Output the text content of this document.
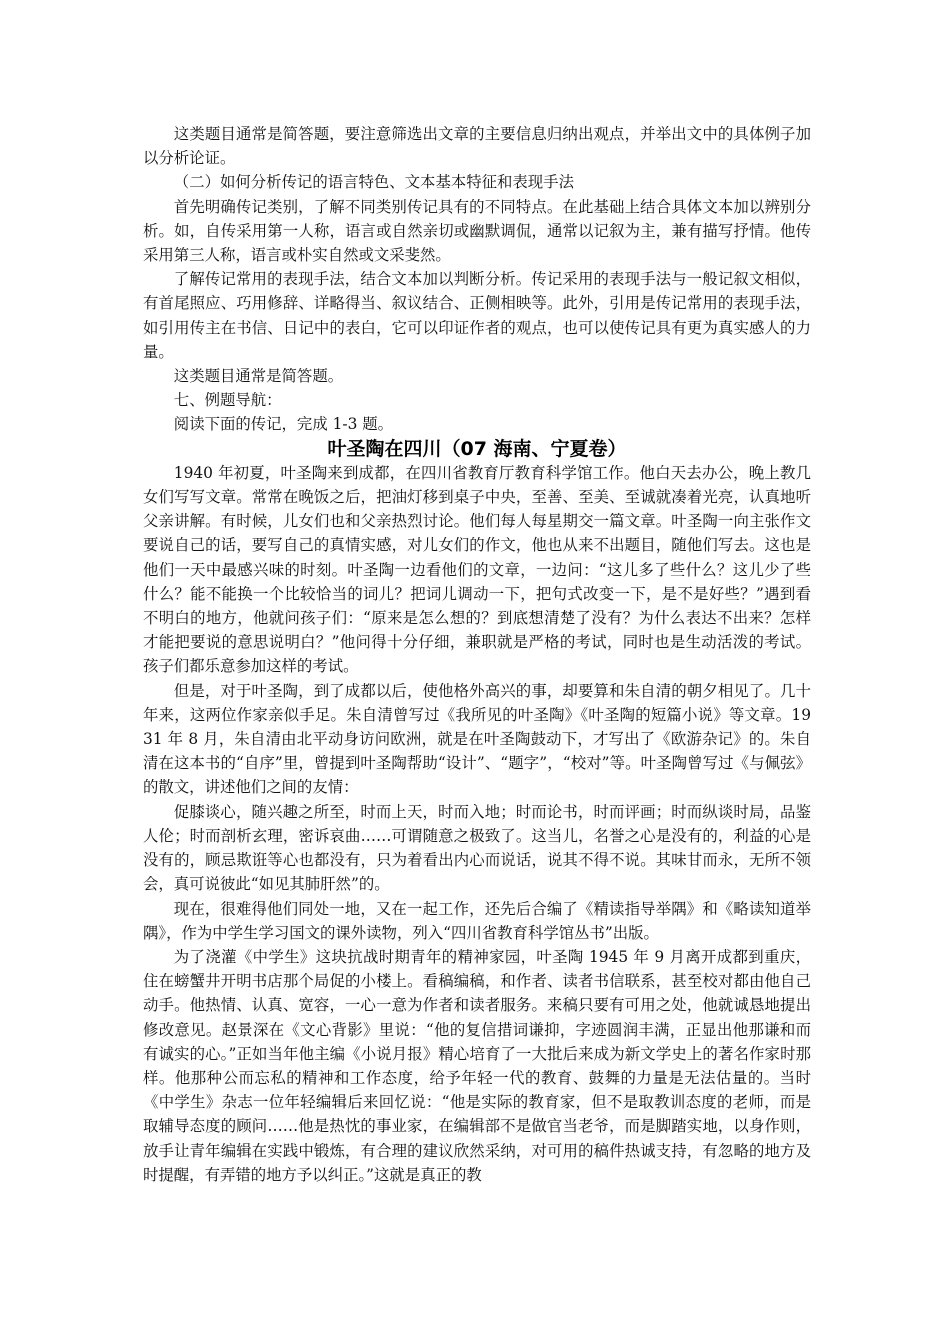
这类题目通常是简答题，要注意筛选出文章的主要信息归纳出观点，并举出文中的具体例子加以分析论证。

（二）如何分析传记的语言特色、文本基本特征和表现手法

首先明确传记类别，了解不同类别传记具有的不同特点。在此基础上结合具体文本加以辨别分析。如，自传采用第一人称，语言或自然亲切或幽默调侃，通常以记叙为主，兼有描写抒情。他传采用第三人称，语言或朴实自然或文采斐然。

了解传记常用的表现手法，结合文本加以判断分析。传记采用的表现手法与一般记叙文相似，有首尾照应、巧用修辞、详略得当、叙议结合、正侧相映等。此外，引用是传记常用的表现手法，如引用传主在书信、日记中的表白，它可以印证作者的观点，也可以使传记具有更为真实感人的力量。

这类题目通常是简答题。

七、例题导航：

阅读下面的传记，完成 1-3 题。

叶圣陶在四川（07 海南、宁夏卷）

1940 年初夏，叶圣陶来到成都，在四川省教育厅教育科学馆工作。他白天去办公，晚上教几女们写写文章。常常在晚饭之后，把油灯移到桌子中央，至善、至美、至诚就凑着光亮，认真地听父亲讲解。有时候，儿女们也和父亲热烈讨论。他们每人每星期交一篇文章。叶圣陶一向主张作文要说自己的话，要写自己的真情实感，对儿女们的作文，他也从来不出题目，随他们写去。这也是他们一天中最感兴味的时刻。叶圣陶一边看他们的文章，一边问：“这儿多了些什么？这儿少了些什么？能不能换一个比较恰当的词儿？把词儿调动一下，把句式改变一下，是不是好些？”遇到看不明白的地方，他就问孩子们：“原来是怎么想的？到底想清楚了没有？为什么表达不出来？怎样才能把要说的意思说明白？”他问得十分仔细，兼职就是严格的考试，同时也是生动活泼的考试。孩子们都乐意参加这样的考试。

但是，对于叶圣陶，到了成都以后，使他格外高兴的事，却要算和朱自清的朝夕相见了。几十年来，这两位作家亲似手足。朱自清曾写过《我所见的叶圣陶》《叶圣陶的短篇小说》等文章。1931 年 8 月，朱自清由北平动身访问欧洲，就是在叶圣陶鼓动下，才写出了《欧游杂记》的。朱自清在这本书的“自序”里，曾提到叶圣陶帮助“设计”、“题字”，“校对”等。叶圣陶曾写过《与佩弦》的散文，讲述他们之间的友情：

促膝谈心，随兴趣之所至，时而上天，时而入地；时而论书，时而评画；时而纵谈时局，品鉴人伦；时而剖析玄理，密诉哀曲……可谓随意之极致了。这当儿，名誉之心是没有的，利益的心是没有的，顾忌欺诳等心也都没有，只为着看出内心而说话，说其不得不说。其味甘而永，无所不领会，真可说彼此“如见其肺肝然”的。

现在，很难得他们同处一地，又在一起工作，还先后合编了《精读指导举隅》和《略读知道举隅》，作为中学生学习国文的课外读物，列入“四川省教育科学馆丛书”出版。

为了浇灌《中学生》这块抗战时期青年的精神家园，叶圣陶 1945 年 9 月离开成都到重庆，住在螃蟹井开明书店那个局促的小楼上。看稿编稿，和作者、读者书信联系，甚至校对都由他自己动手。他热情、认真、宽容，一心一意为作者和读者服务。来稿只要有可用之处，他就诚恳地提出修改意见。赵景深在《文心背影》里说：“他的复信措词谦抑，字迹圆润丰满，正显出他那谦和而有诚实的心。”正如当年他主编《小说月报》精心培育了一大批后来成为新文学史上的著名作家时那样。他那种公而忘私的精神和工作态度，给予年轻一代的教育、鼓舞的力量是无法估量的。当时《中学生》杂志一位年轻编辑后来回忆说：“他是实际的教育家，但不是取教训态度的老师，而是取辅导态度的顾问……他是热忱的事业家，在编辑部不是做官当老爷，而是脚踏实地，以身作则，放手让青年编辑在实践中锻炼，有合理的建议欣然采纳，对可用的稿件热诚支持，有忽略的地方及时提醒，有弄错的地方予以纠正。”这就是真正的教
